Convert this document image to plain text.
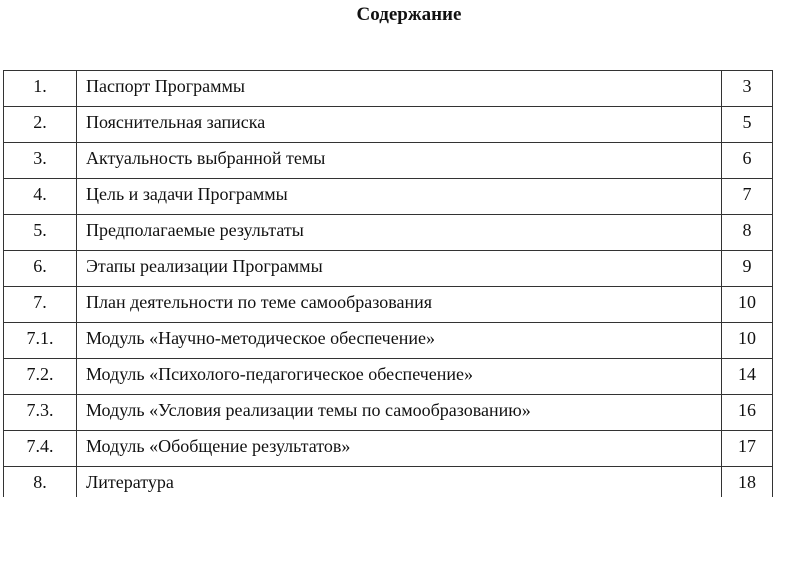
Содержание
1.	Паспорт Программы	3
2.	Пояснительная записка	5
3.	Актуальность выбранной темы	6
4.	Цель и задачи Программы	7
5.	Предполагаемые результаты	8
6.	Этапы реализации Программы	9
7.	План деятельности по теме самообразования	10
7.1.	Модуль «Научно-методическое обеспечение»	10
7.2.	Модуль «Психолого-педагогическое обеспечение»	14
7.3.	Модуль «Условия реализации темы по самообразованию»	16
7.4.	Модуль «Обобщение результатов»	17
8.	Литература	18
